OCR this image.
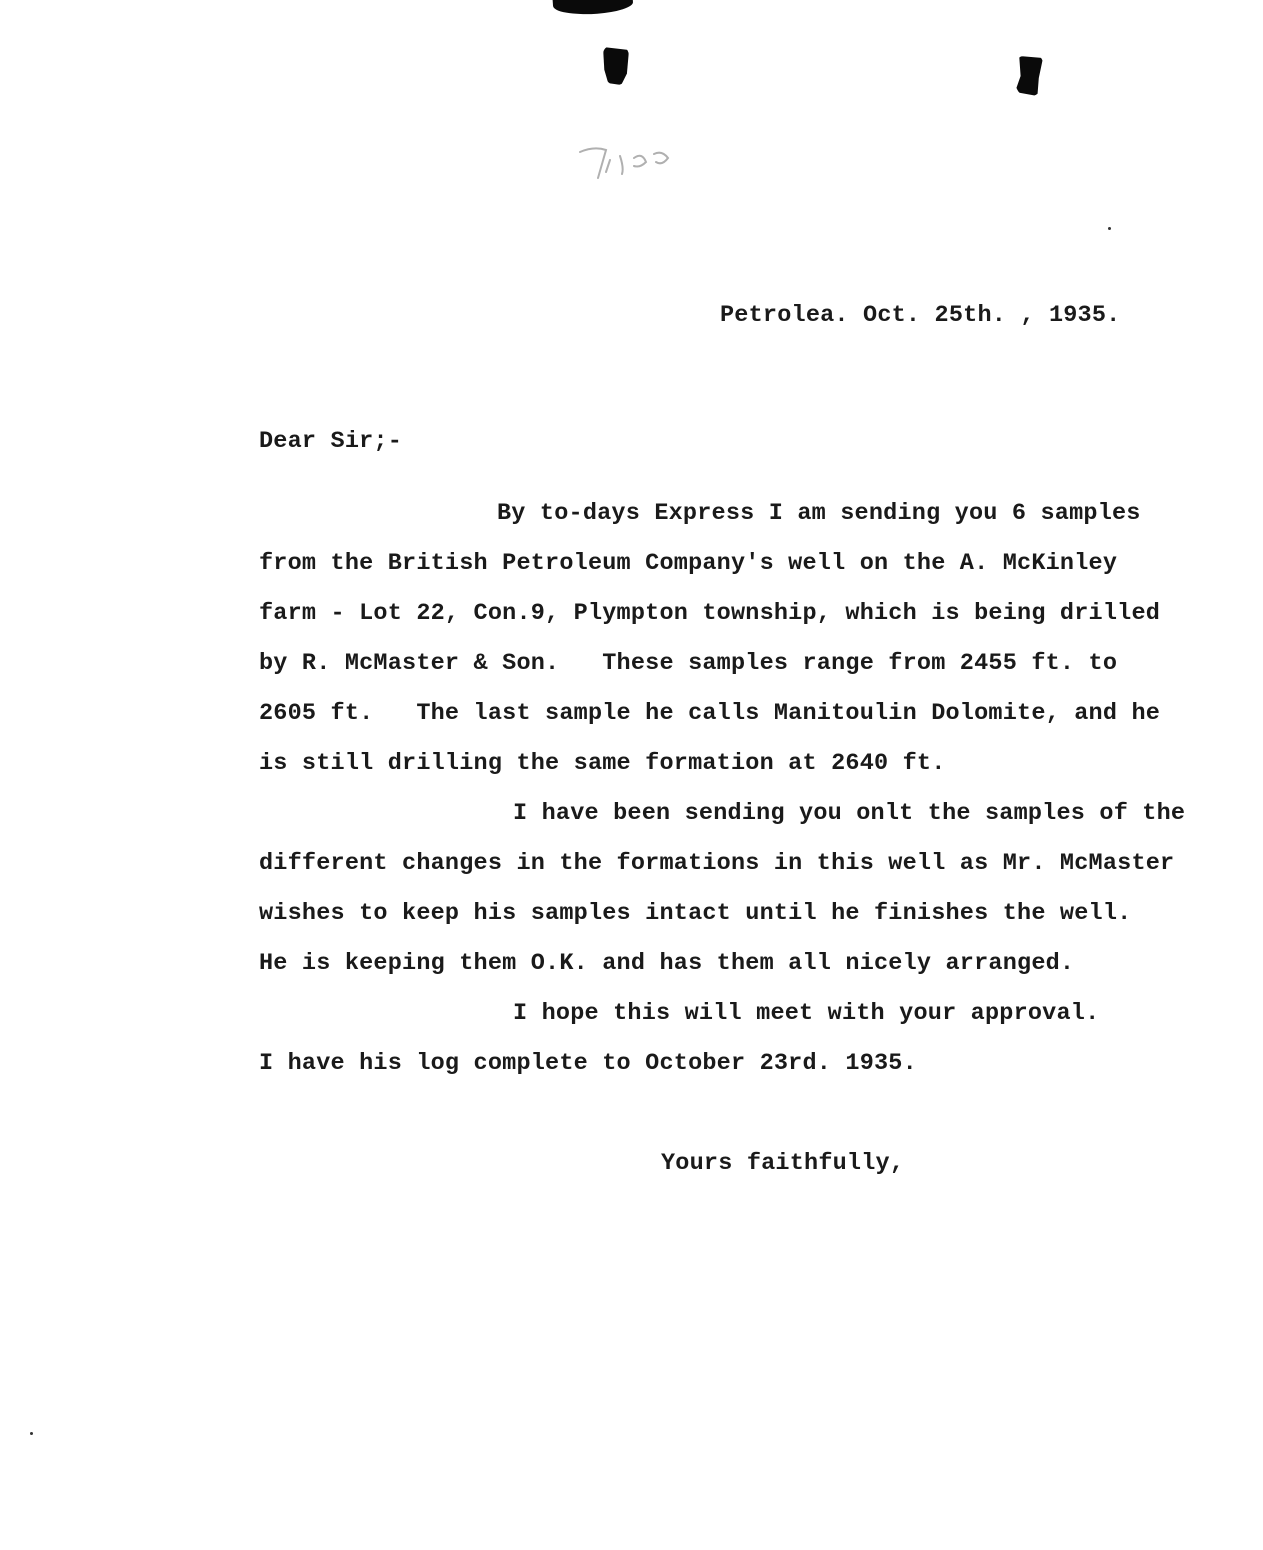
Petrolea. Oct. 25th. , 1935.
Dear Sir;-
By to-days Express I am sending you 6 samples
from the British Petroleum Company's well on the A. McKinley
farm - Lot 22, Con.9, Plympton township, which is being drilled
by R. McMaster & Son.   These samples range from 2455 ft. to
2605 ft.   The last sample he calls Manitoulin Dolomite, and he
is still drilling the same formation at 2640 ft.
I have been sending you onlt the samples of the
different changes in the formations in this well as Mr. McMaster
wishes to keep his samples intact until he finishes the well.
He is keeping them O.K. and has them all nicely arranged.
I hope this will meet with your approval.
I have his log complete to October 23rd. 1935.
Yours faithfully,
